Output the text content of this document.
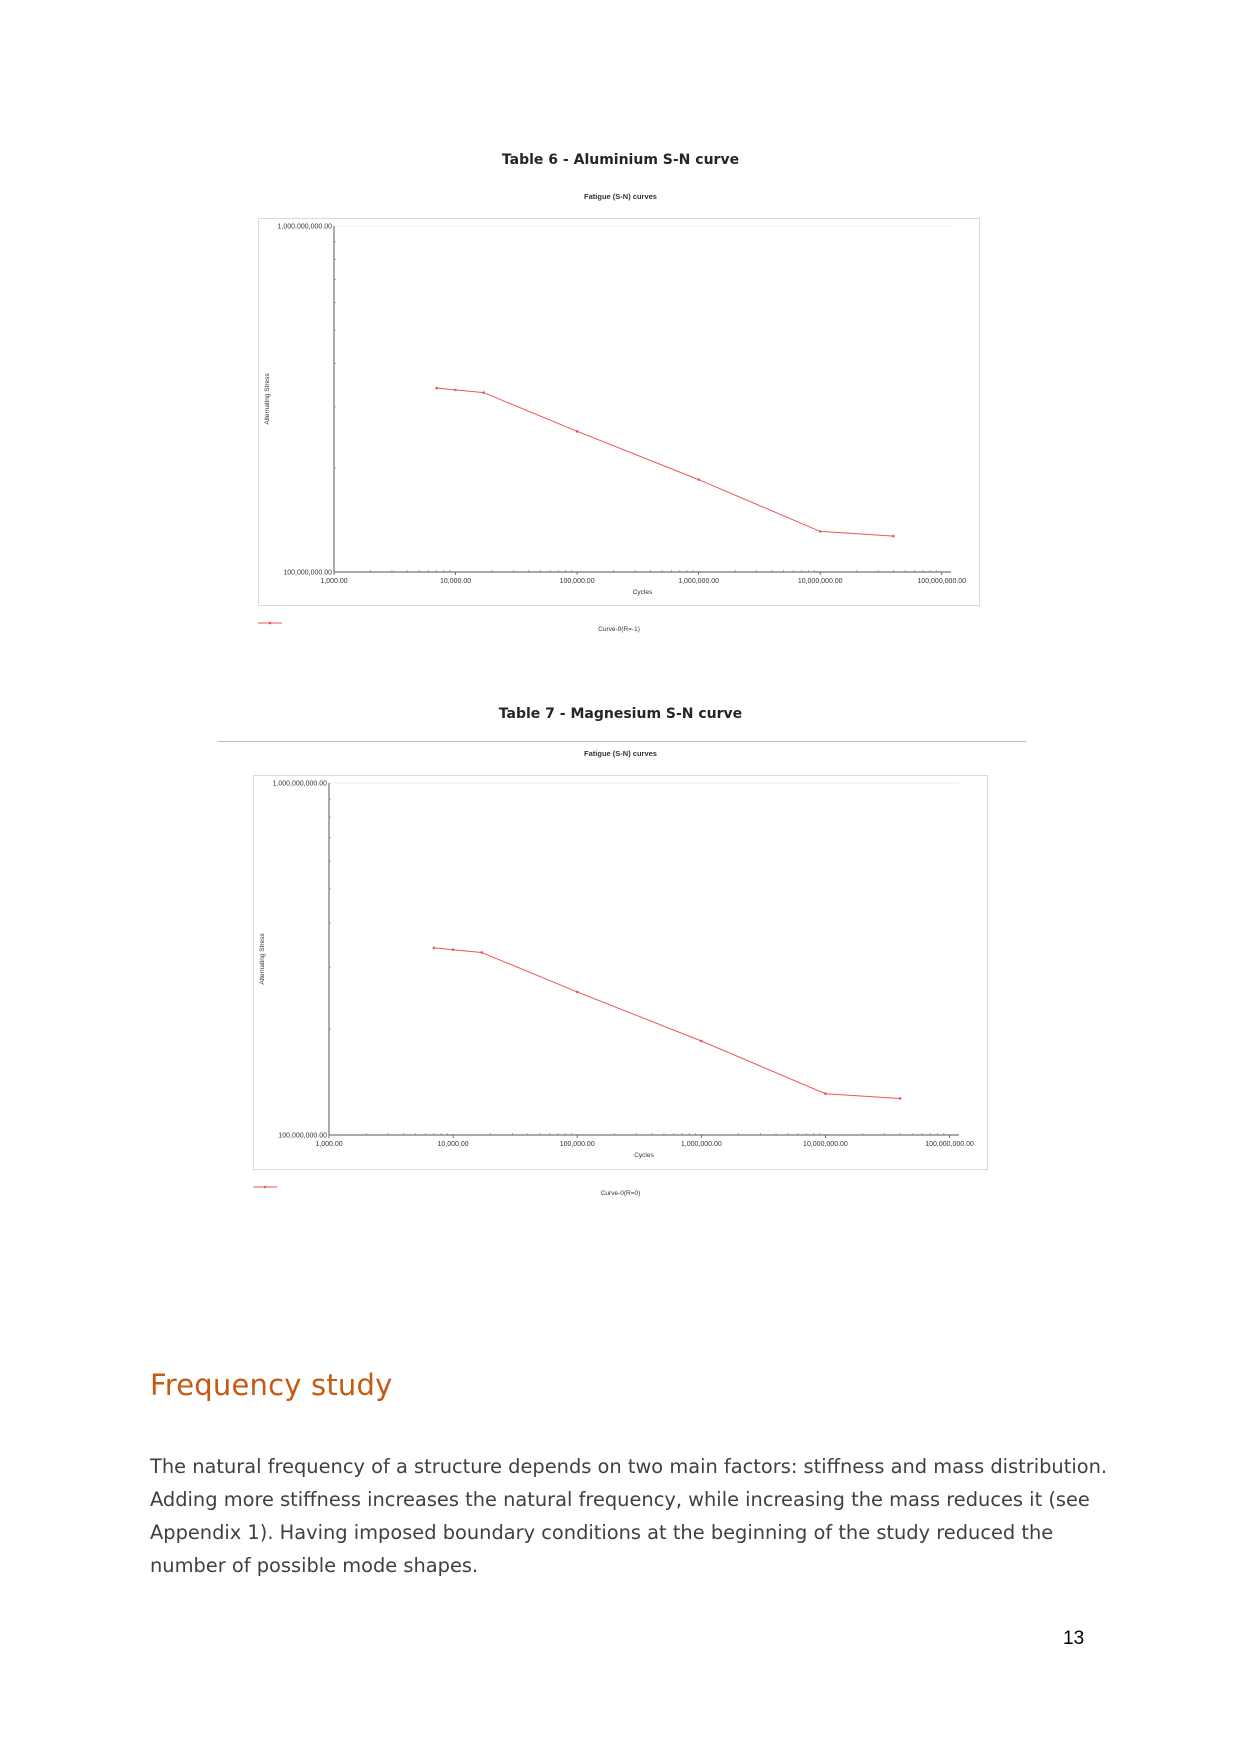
Table 6 - Aluminium S-N curve
Fatigue (S-N) curves
1,000.00	10,000.00	100,000.00	1,000,000.00	10,000,000.00	100,000,000.00
100,000,000.00
1,000,000,000.00
Cycles
Alternating Stress
Curve-0(R=-1)
Table 7 - Magnesium S-N curve
Fatigue (S-N) curves
1,000.00	10,000.00	100,000.00	1,000,000.00	10,000,000.00	100,000,000.00
100,000,000.00
1,000,000,000.00
Cycles
Alternating Stress
Curve-0(R=0)
Frequency study

The natural frequency of a structure depends on two main factors: stiffness and mass distribution. Adding more stiffness increases the natural frequency, while increasing the mass reduces it (see Appendix 1). Having imposed boundary conditions at the beginning of the study reduced the number of possible mode shapes.

13
